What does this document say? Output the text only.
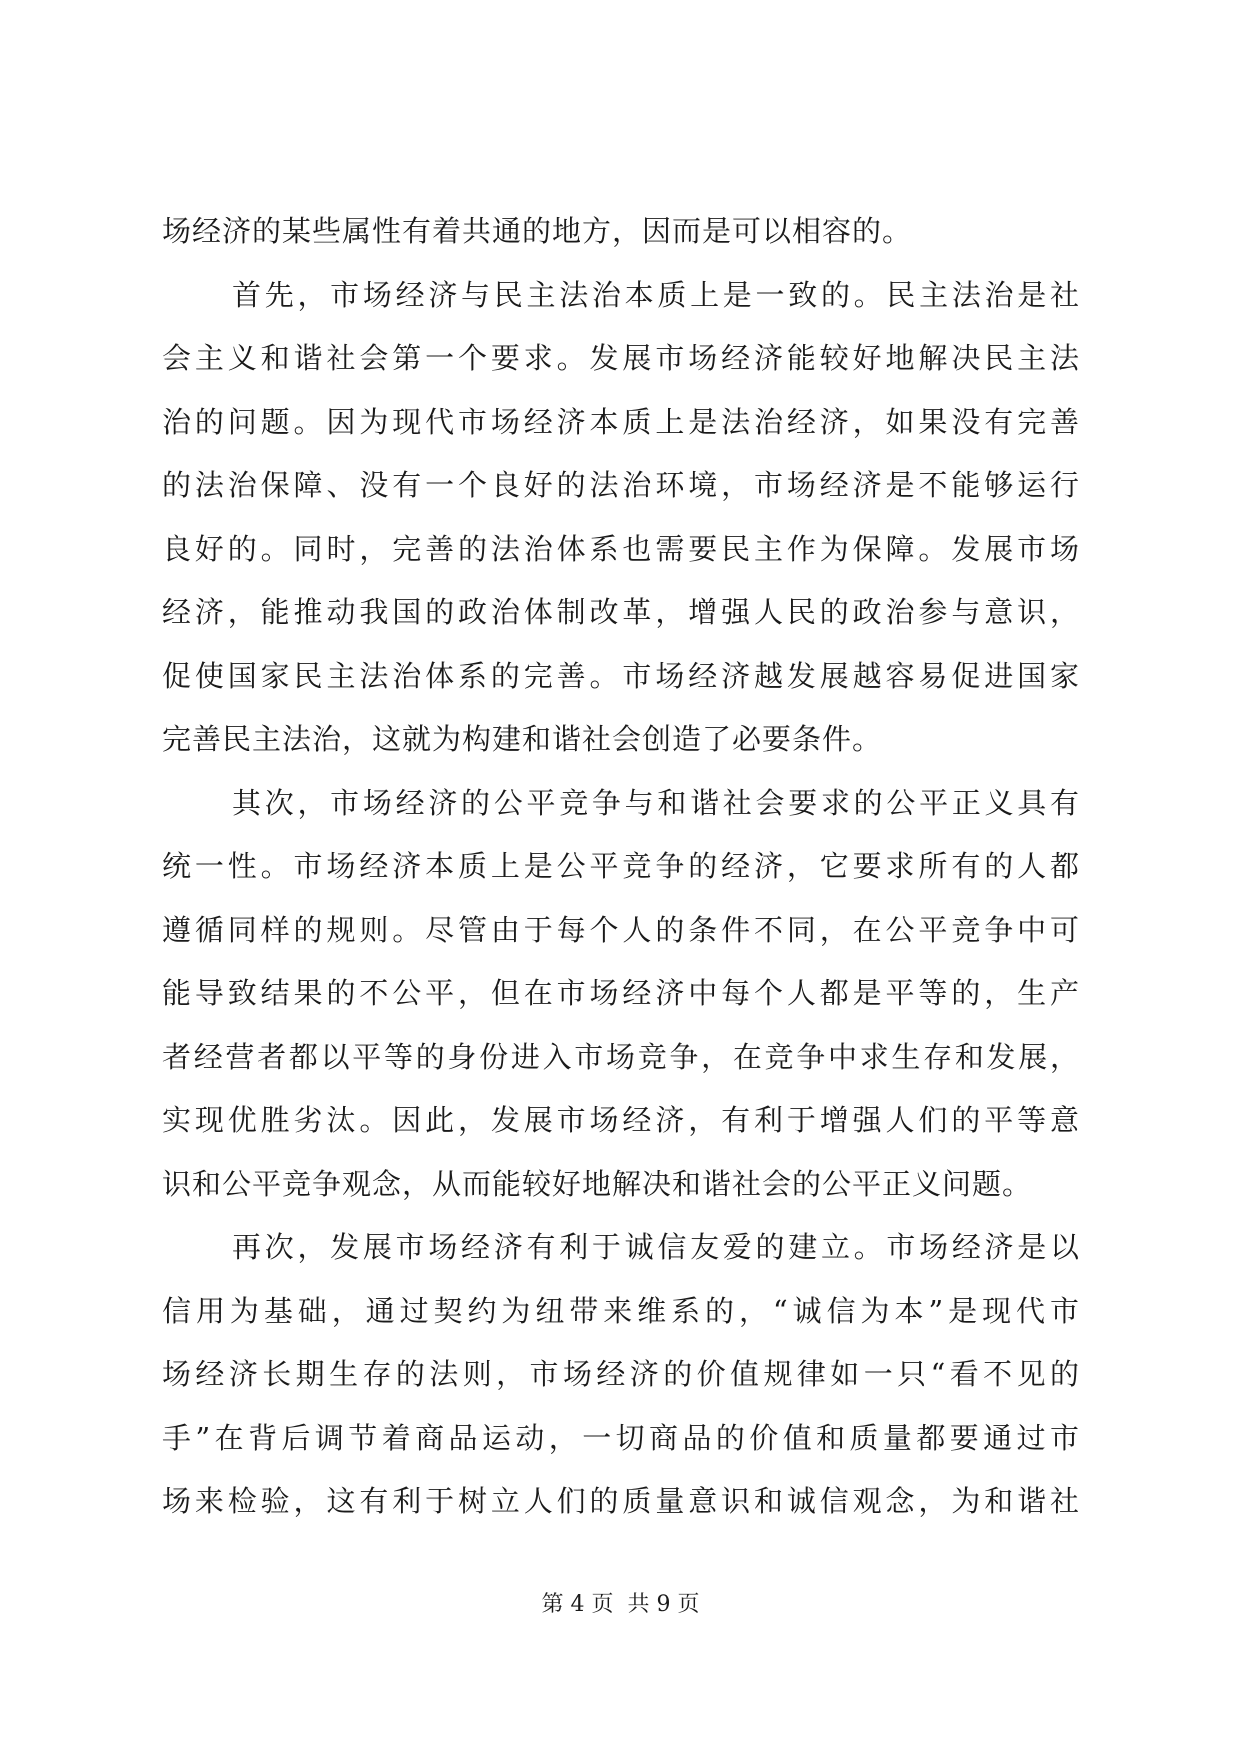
场经济的某些属性有着共通的地方，因而是可以相容的。
首先，市场经济与民主法治本质上是一致的。民主法治是社
会主义和谐社会第一个要求。发展市场经济能较好地解决民主法
治的问题。因为现代市场经济本质上是法治经济，如果没有完善
的法治保障、没有一个良好的法治环境，市场经济是不能够运行
良好的。同时，完善的法治体系也需要民主作为保障。发展市场
经济，能推动我国的政治体制改革，增强人民的政治参与意识，
促使国家民主法治体系的完善。市场经济越发展越容易促进国家
完善民主法治，这就为构建和谐社会创造了必要条件。
其次，市场经济的公平竞争与和谐社会要求的公平正义具有
统一性。市场经济本质上是公平竞争的经济，它要求所有的人都
遵循同样的规则。尽管由于每个人的条件不同，在公平竞争中可
能导致结果的不公平，但在市场经济中每个人都是平等的，生产
者经营者都以平等的身份进入市场竞争，在竞争中求生存和发展，
实现优胜劣汰。因此，发展市场经济，有利于增强人们的平等意
识和公平竞争观念，从而能较好地解决和谐社会的公平正义问题。
再次，发展市场经济有利于诚信友爱的建立。市场经济是以
信用为基础，通过契约为纽带来维系的，“诚信为本”是现代市
场经济长期生存的法则，市场经济的价值规律如一只“看不见的
手”在背后调节着商品运动，一切商品的价值和质量都要通过市
场来检验，这有利于树立人们的质量意识和诚信观念，为和谐社
第 4 页  共 9 页
